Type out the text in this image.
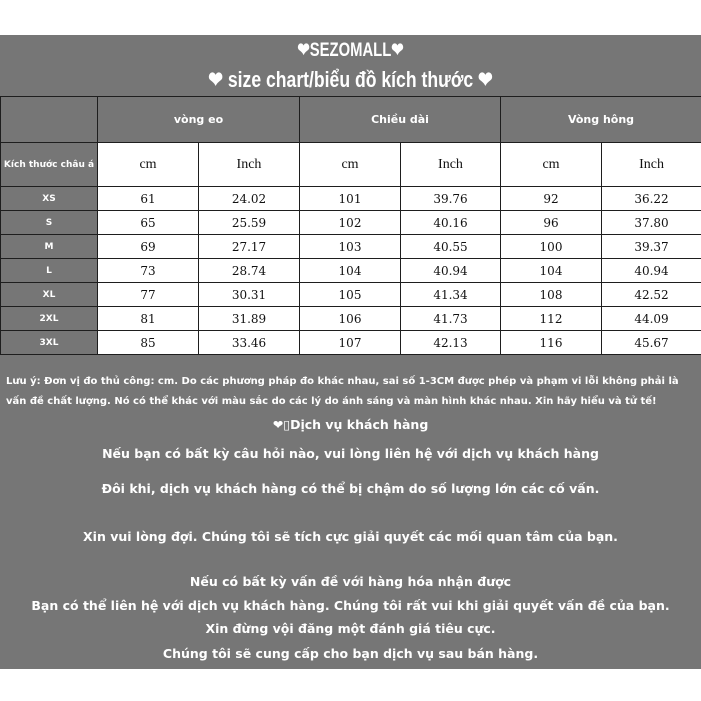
❤SEZOMALL❤
❤ size chart/biểu đồ kích thước ❤
	vòng eo		Chiều dài		Vòng hông	
Kích thước châu á	cm	Inch	cm	Inch	cm	Inch
XS	61	24.02	101	39.76	92	36.22
S	65	25.59	102	40.16	96	37.80
M	69	27.17	103	40.55	100	39.37
L	73	28.74	104	40.94	104	40.94
XL	77	30.31	105	41.34	108	42.52
2XL	81	31.89	106	41.73	112	44.09
3XL	85	33.46	107	42.13	116	45.67
Lưu ý: Đơn vị đo thủ công: cm. Do các phương pháp đo khác nhau, sai số 1-3CM được phép và phạm vi lỗi không phải là vấn đề chất lượng. Nó có thể khác với màu sắc do các lý do ánh sáng và màn hình khác nhau. Xin hãy hiểu và tử tế!
❤▯Dịch vụ khách hàng
Nếu bạn có bất kỳ câu hỏi nào, vui lòng liên hệ với dịch vụ khách hàng
Đôi khi, dịch vụ khách hàng có thể bị chậm do số lượng lớn các cố vấn.
Xin vui lòng đợi. Chúng tôi sẽ tích cực giải quyết các mối quan tâm của bạn.
Nếu có bất kỳ vấn đề với hàng hóa nhận được
Bạn có thể liên hệ với dịch vụ khách hàng. Chúng tôi rất vui khi giải quyết vấn đề của bạn.
Xin đừng vội đăng một đánh giá tiêu cực.
Chúng tôi sẽ cung cấp cho bạn dịch vụ sau bán hàng.
